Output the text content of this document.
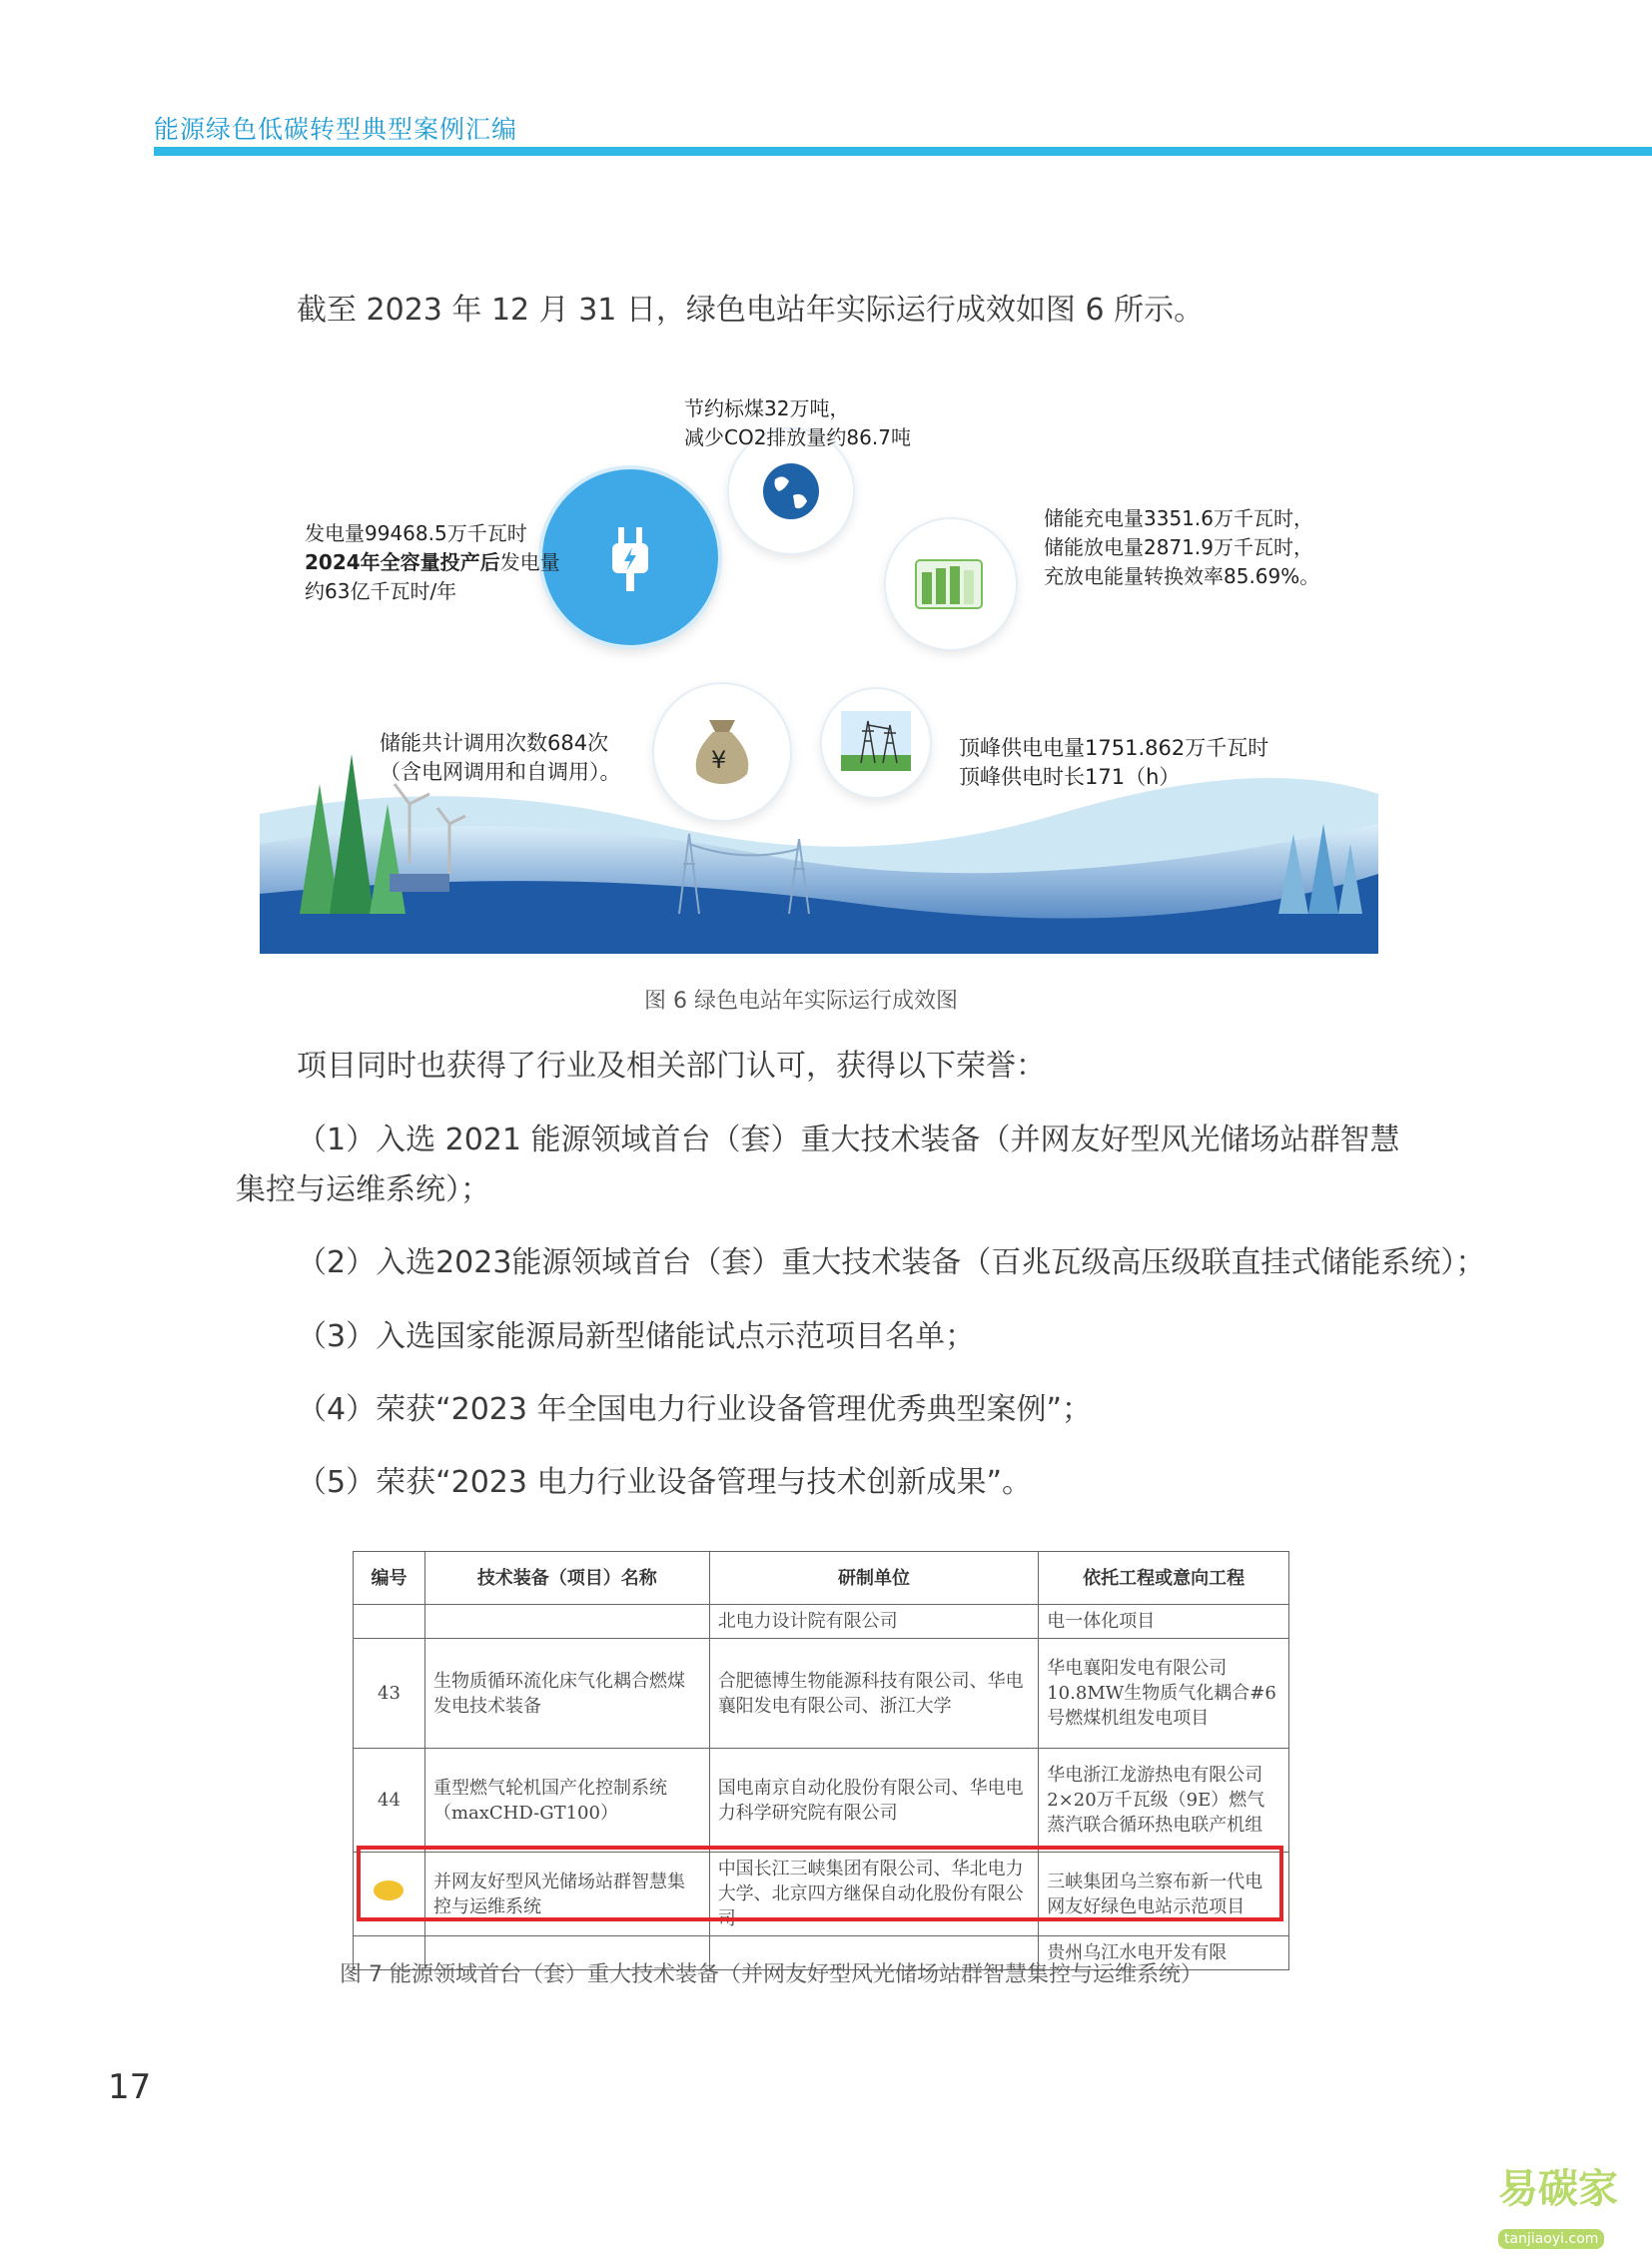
能源绿色低碳转型典型案例汇编
截至 2023 年 12 月 31 日，绿色电站年实际运行成效如图 6 所示。
¥
节约标煤32万吨，
减少CO2排放量约86.7吨
发电量99468.5万千瓦时
2024年全容量投产后发电量
约63亿千瓦时/年
储能充电量3351.6万千瓦时，
储能放电量2871.9万千瓦时，
充放电能量转换效率85.69%。
储能共计调用次数684次
（含电网调用和自调用）。
顶峰供电电量1751.862万千瓦时
顶峰供电时长171（h）
图 6 绿色电站年实际运行成效图
项目同时也获得了行业及相关部门认可，获得以下荣誉：
（1）入选 2021 能源领域首台（套）重大技术装备（并网友好型风光储场站群智慧
集控与运维系统）；
（2）入选2023能源领域首台（套）重大技术装备（百兆瓦级高压级联直挂式储能系统）；
（3）入选国家能源局新型储能试点示范项目名单；
（4）荣获“2023 年全国电力行业设备管理优秀典型案例”；
（5）荣获“2023 电力行业设备管理与技术创新成果”。
编号	技术装备（项目）名称	研制单位	依托工程或意向工程
		北电力设计院有限公司	电一体化项目
43	生物质循环流化床气化耦合燃煤发电技术装备	合肥德博生物能源科技有限公司、华电襄阳发电有限公司、浙江大学	华电襄阳发电有限公司10.8MW生物质气化耦合#6号燃煤机组发电项目
44	重型燃气轮机国产化控制系统（maxCHD-GT100）	国电南京自动化股份有限公司、华电电力科学研究院有限公司	华电浙江龙游热电有限公司2×20万千瓦级（9E）燃气蒸汽联合循环热电联产机组
	并网友好型风光储场站群智慧集控与运维系统	中国长江三峡集团有限公司、华北电力大学、北京四方继保自动化股份有限公司	三峡集团乌兰察布新一代电网友好绿色电站示范项目
			贵州乌江水电开发有限
图 7 能源领域首台（套）重大技术装备（并网友好型风光储场站群智慧集控与运维系统）
17
易碳家 tanjiaoyi.com
